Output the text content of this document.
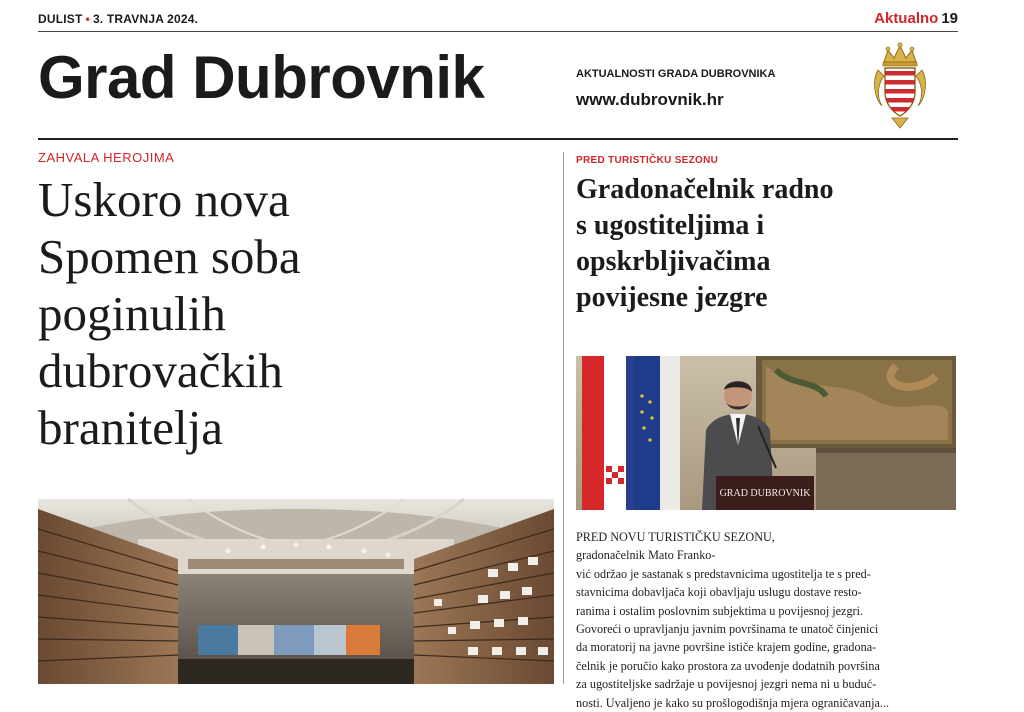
DULIST • 3. TRAVNJA 2024.	Aktualno 19
Grad Dubrovnik	AKTUALNOSTI GRADA DUBROVNIKA
www.dubrovnik.hr
ZAHVALA HEROJIMA
Uskoro nova
Spomen soba
poginulih
dubrovačkih
branitelja
PRED TURISTIČKU SEZONU
Gradonačelnik radno
s ugostiteljima i
opskrbljivačima
povijesne jezgre
GRAD DUBROVNIK
PRED NOVU TURISTIČKU SEZONU,
gradonačelnik Mato Franko-
vić održao je sastanak s predstavnicima ugostitelja te s pred-
stavnicima dobavljača koji obavljaju uslugu dostave resto-
ranima i ostalim poslovnim subjektima u povijesnoj jezgri.
Govoreći o upravljanju javnim površinama te unatoč činjenici
da moratorij na javne površine ističe krajem godine, gradona-
čelnik je poručio kako prostora za uvođenje dodatnih površina
za ugostiteljske sadržaje u povijesnoj jezgri nema ni u buduć-
nosti. Uvaljeno je kako su prošlogodišnja mjera ograničavanja...
